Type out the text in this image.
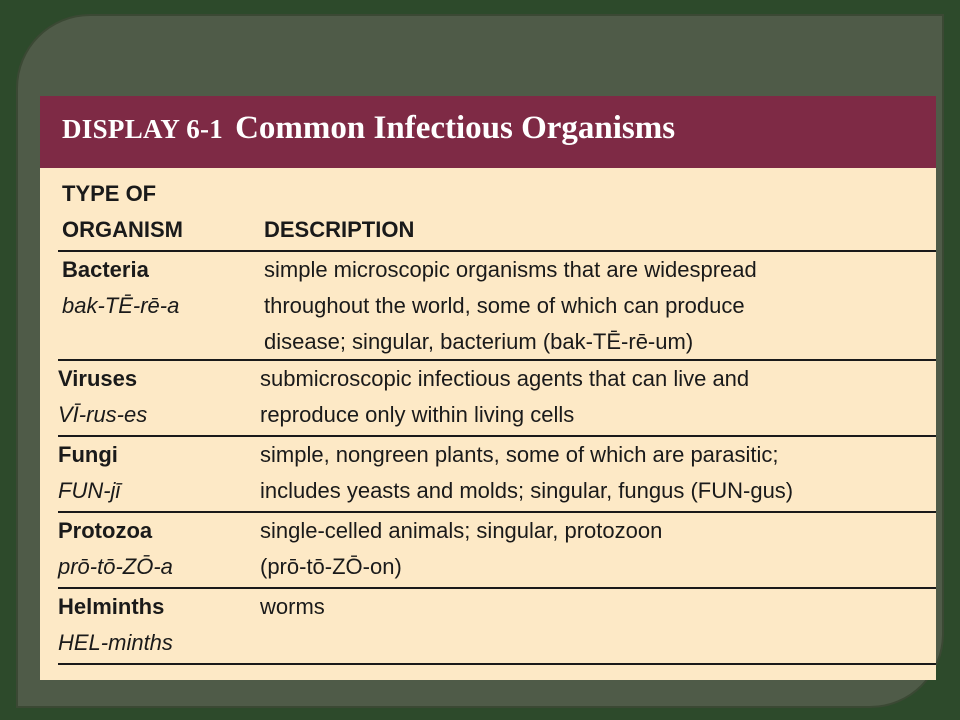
DISPLAY 6-1 Common Infectious Organisms
TYPE OF
ORGANISM	DESCRIPTION
Bacteria
bak-TĒ-rē-a
simple microscopic organisms that are widespread
throughout the world, some of which can produce
disease; singular, bacterium (bak-TĒ-rē-um)
Viruses
VĪ-rus-es
submicroscopic infectious agents that can live and
reproduce only within living cells
Fungi
FUN-jī
simple, nongreen plants, some of which are parasitic;
includes yeasts and molds; singular, fungus (FUN-gus)
Protozoa
prō-tō-ZŌ-a
single-celled animals; singular, protozoon
(prō-tō-ZŌ-on)
Helminths
HEL-minths
worms
